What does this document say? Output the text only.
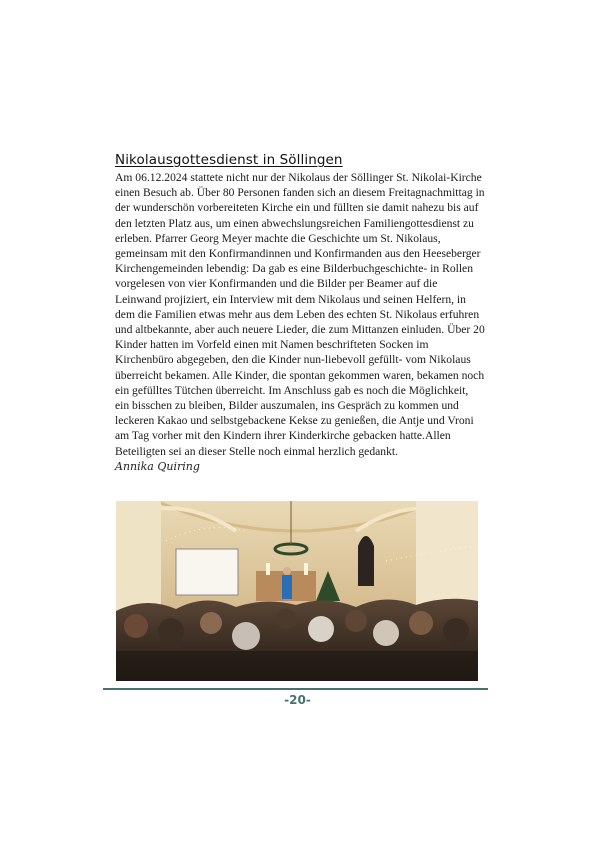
Nikolausgottesdienst in Söllingen

Am 06.12.2024 stattete nicht nur der Nikolaus der Söllinger St. Nikolai-Kirche einen Besuch ab. Über 80 Personen fanden sich an diesem Freitagnachmittag in der wunderschön vorbereiteten Kirche ein und füllten sie damit nahezu bis auf den letzten Platz aus, um einen abwechslungsreichen Familiengottesdienst zu erleben. Pfarrer Georg Meyer machte die Geschichte um St. Nikolaus, gemeinsam mit den Konfirmandinnen und Konfirmanden aus den Heeseberger Kirchengemeinden lebendig: Da gab es eine Bilderbuchgeschichte- in Rollen vorgelesen von vier Konfirmanden und die Bilder per Beamer auf die Leinwand projiziert, ein Interview mit dem Nikolaus und seinen Helfern, in dem die Familien etwas mehr aus dem Leben des echten St. Nikolaus erfuhren und altbekannte, aber auch neuere Lieder, die zum Mittanzen einluden. Über 20 Kinder hatten im Vorfeld einen mit Namen beschrifteten Socken im Kirchenbüro abgegeben, den die Kinder nun-liebevoll gefüllt- vom Nikolaus überreicht bekamen. Alle Kinder, die spontan gekommen waren, bekamen noch ein gefülltes Tütchen überreicht. Im Anschluss gab es noch die Möglichkeit, ein bisschen zu bleiben, Bilder auszumalen, ins Gespräch zu kommen und leckeren Kakao und selbstgebackene Kekse zu genießen, die Antje und Vroni am Tag vorher mit den Kindern ihrer Kinderkirche gebacken hatte.Allen Beteiligten sei an dieser Stelle noch einmal herzlich gedankt.

Annika Quiring
-20-
